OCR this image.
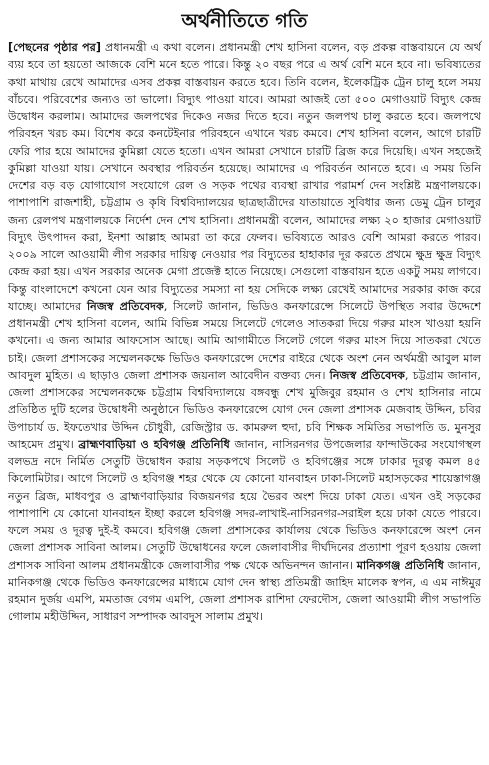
অর্থনীতিতে গতি

[পেছনের পৃষ্ঠার পর] প্রধানমন্ত্রী এ কথা বলেন। প্রধানমন্ত্রী শেখ হাসিনা বলেন, বড় প্রকল্প বাস্তবায়নে যে অর্থ ব্যয় হবে তা হয়তো আজকে বেশি মনে হতে পারে। কিন্তু ২০ বছর পরে এ অর্থ বেশি মনে হবে না। ভবিষ্যতের কথা মাথায় রেখে আমাদের এসব প্রকল্প বাস্তবায়ন করতে হবে। তিনি বলেন, ইলেকট্রিক ট্রেন চালু হলে সময় বাঁচবে। পরিবেশের জন্যও তা ভালো। বিদ্যুৎ পাওয়া যাবে। আমরা আজই তো ৫০০ মেগাওয়াট বিদ্যুৎ কেন্দ্র উদ্বোধন করলাম। আমাদের জলপথের দিকেও নজর দিতে হবে। নতুন জলপথ চালু করতে হবে। জলপথে পরিবহন খরচ কম। বিশেষ করে কনটেইনার পরিবহনে এখানে খরচ কমবে। শেখ হাসিনা বলেন, আগে চারটি ফেরি পার হয়ে আমাদের কুমিল্লা যেতে হতো। এখন আমরা সেখানে চারটি ব্রিজ করে দিয়েছি। এখন সহজেই কুমিল্লা যাওয়া যায়। সেখানে অবস্থার পরিবর্তন হয়েছে। আমাদের এ পরিবর্তন আনতে হবে। এ সময় তিনি দেশের বড় বড় যোগাযোগ সংযোগে রেল ও সড়ক পথের ব্যবস্থা রাখার পরামর্শ দেন সংশ্লিষ্ট মন্ত্রণালয়কে। পাশাপাশি রাজশাহী, চট্টগ্রাম ও কৃষি বিশ্ববিদ্যালয়ের ছাত্রছাত্রীদের যাতায়াতে সুবিধার জন্য ডেমু ট্রেন চালুর জন্য রেলপথ মন্ত্রণালয়কে নির্দেশ দেন শেখ হাসিনা। প্রধানমন্ত্রী বলেন, আমাদের লক্ষ্য ২০ হাজার মেগাওয়াট বিদ্যুৎ উৎপাদন করা, ইনশা আল্লাহ আমরা তা করে ফেলব। ভবিষ্যতে আরও বেশি আমরা করতে পারব। ২০০৯ সালে আওয়ামী লীগ সরকার দায়িত্ব নেওয়ার পর বিদ্যুতের হাহাকার দূর করতে প্রথমে ক্ষুদ্র ক্ষুদ্র বিদ্যুৎ কেন্দ্র করা হয়। এখন সরকার অনেক মেগা প্রজেক্ট হাতে নিয়েছে। সেগুলো বাস্তবায়ন হতে একটু সময় লাগবে। কিন্তু বাংলাদেশে কখনো যেন আর বিদ্যুতের সমস্যা না হয় সেদিকে লক্ষ্য রেখেই আমাদের সরকার কাজ করে যাচ্ছে। আমাদের নিজস্ব প্রতিবেদক, সিলেট জানান, ভিডিও কনফারেন্সে সিলেটে উপস্থিত সবার উদ্দেশে প্রধানমন্ত্রী শেখ হাসিনা বলেন, আমি বিভিন্ন সময়ে সিলেটে গেলেও সাতকরা দিয়ে গরুর মাংস খাওয়া হয়নি কখনো। এ জন্য আমার আফসোস আছে। আমি আগামীতে সিলেট গেলে গরুর মাংস দিয়ে সাতকরা খেতে চাই। জেলা প্রশাসকের সম্মেলনকক্ষে ভিডিও কনফারেন্সে দেশের বাইরে থেকে অংশ নেন অর্থমন্ত্রী আবুল মাল আবদুল মুহিত। এ ছাড়াও জেলা প্রশাসক জয়নাল আবেদীন বক্তব্য দেন। নিজস্ব প্রতিবেদক, চট্টগ্রাম জানান, জেলা প্রশাসকের সম্মেলনকক্ষে চট্টগ্রাম বিশ্ববিদ্যালয়ে বঙ্গবন্ধু শেখ মুজিবুর রহমান ও শেখ হাসিনার নামে প্রতিষ্ঠিত দুটি হলের উদ্বোধনী অনুষ্ঠানে ভিডিও কনফারেন্সে যোগ দেন জেলা প্রশাসক মেজবাহ উদ্দিন, চবির উপাচার্য ড. ইফতেখার উদ্দিন চৌধুরী, রেজিস্ট্রার ড. কামরুল হুদা, চবি শিক্ষক সমিতির সভাপতি ড. মুনসুর আহমেদ প্রমুখ। ব্রাহ্মণবাড়িয়া ও হবিগঞ্জ প্রতিনিধি জানান, নাসিরনগর উপজেলার ফান্দাউকের সংযোগস্থল বলভদ্র নদে নির্মিত সেতুটি উদ্বোধন করায় সড়কপথে সিলেট ও হবিগঞ্জের সঙ্গে ঢাকার দূরত্ব কমল ৪৫ কিলোমিটার। আগে সিলেট ও হবিগঞ্জ শহর থেকে যে কোনো যানবাহন ঢাকা-সিলেট মহাসড়কের শায়েস্তাগঞ্জ নতুন ব্রিজ, মাধবপুর ও ব্রাহ্মণবাড়িয়ার বিজয়নগর হয়ে ভৈরব অংশ দিয়ে ঢাকা যেত। এখন ওই সড়কের পাশাপাশি যে কোনো যানবাহন ইচ্ছা করলে হবিগঞ্জ সদর-লাখাই-নাসিরনগর-সরাইল হয়ে ঢাকা যেতে পারবে। ফলে সময় ও দূরত্ব দুই-ই কমবে। হবিগঞ্জ জেলা প্রশাসকের কার্যালয় থেকে ভিডিও কনফারেন্সে অংশ নেন জেলা প্রশাসক সাবিনা আলম। সেতুটি উদ্বোধনের ফলে জেলাবাসীর দীর্ঘদিনের প্রত্যাশা পূরণ হওয়ায় জেলা প্রশাসক সাবিনা আলম প্রধানমন্ত্রীকে জেলাবাসীর পক্ষ থেকে অভিনন্দন জানান। মানিকগঞ্জ প্রতিনিধি জানান, মানিকগঞ্জ থেকে ভিডিও কনফারেন্সের মাধ্যমে যোগ দেন স্বাস্থ্য প্রতিমন্ত্রী জাহিদ মালেক স্বপন, এ এম নাঈমুর রহমান দুর্জয় এমপি, মমতাজ বেগম এমপি, জেলা প্রশাসক রাশিদা ফেরদৌস, জেলা আওয়ামী লীগ সভাপতি গোলাম মহীউদ্দিন, সাধারণ সম্পাদক আবদুস সালাম প্রমুখ।
